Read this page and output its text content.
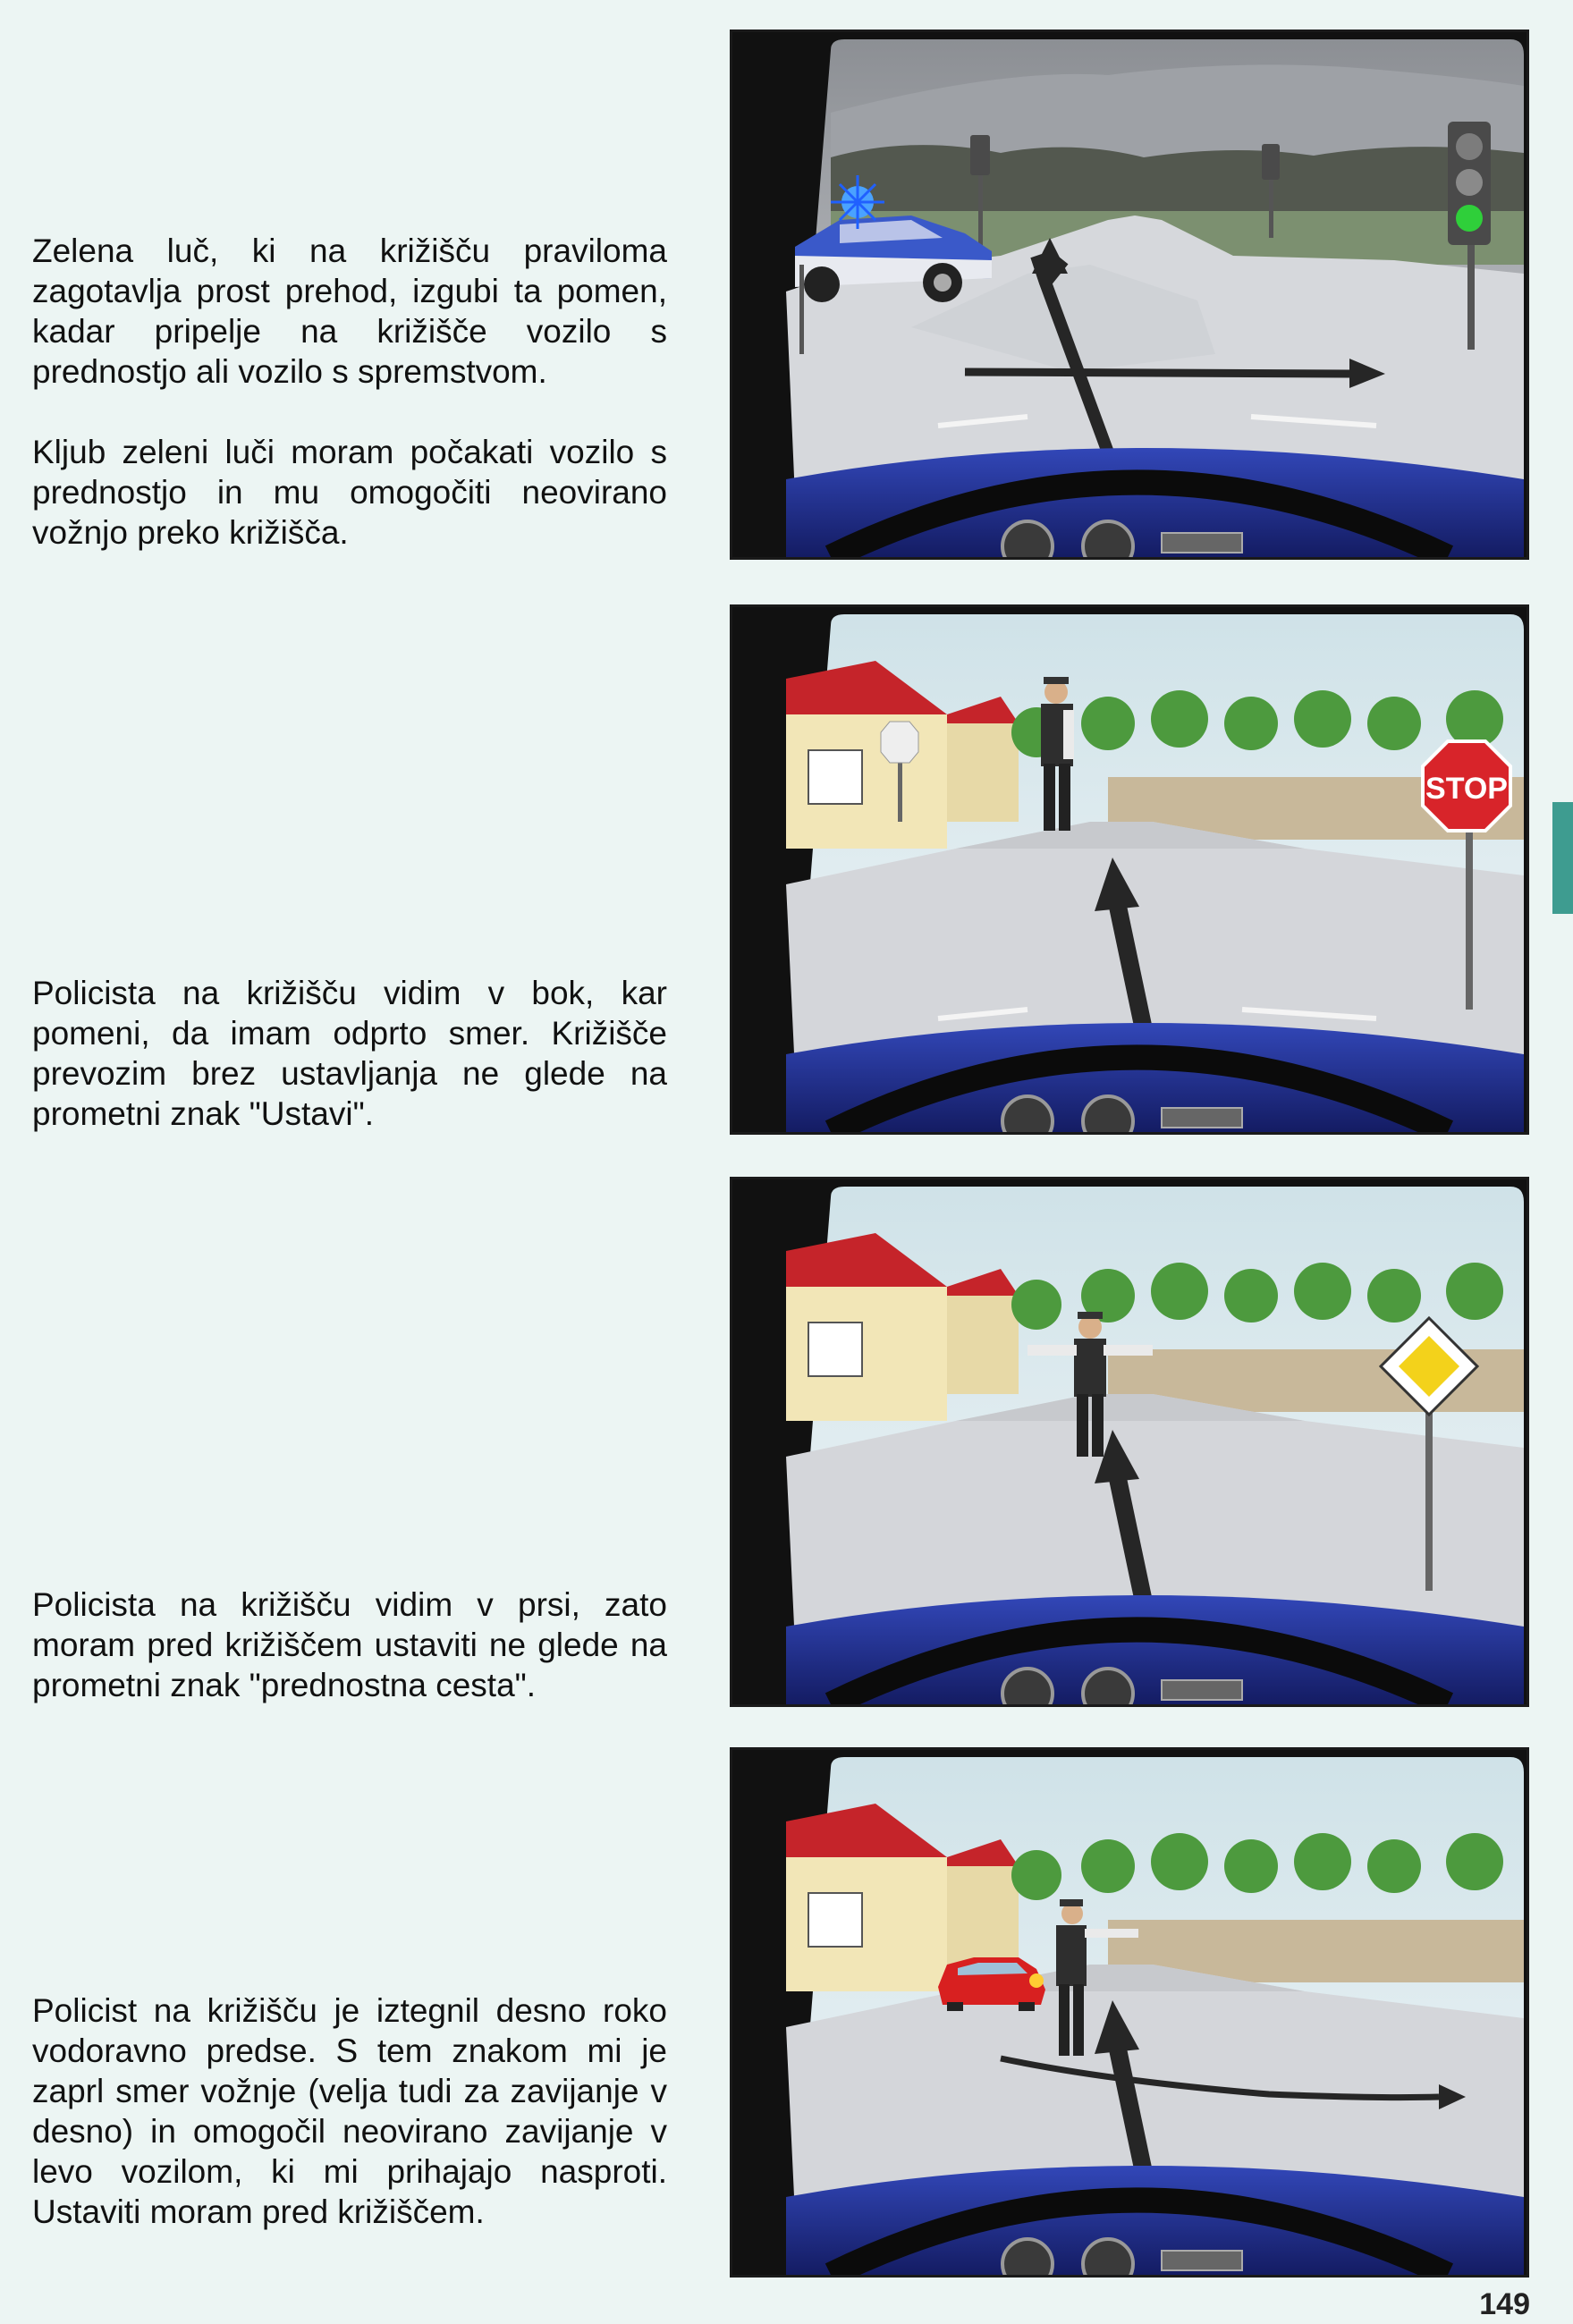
Zelena luč, ki na križišču praviloma zagotavlja prost prehod, izgubi ta pomen, kadar pripelje na križišče vozilo s prednostjo ali vozilo s spremstvom.

Kljub zeleni luči moram počakati vozilo s prednostjo in mu omogočiti neovirano vožnjo preko križišča.

Policista na križišču vidim v bok, kar pomeni, da imam odprto smer. Križišče prevozim brez ustavljanja ne glede na prometni znak "Ustavi".

STOP

Policista na križišču vidim v prsi, zato moram pred križiščem ustaviti ne glede na prometni znak "prednostna cesta".

Policist na križišču je iztegnil desno roko vodoravno predse. S tem znakom mi je zaprl smer vožnje (velja tudi za zavijanje v desno) in omogočil neovirano zavijanje v levo vozilom, ki mi prihajajo nasproti. Ustaviti moram pred križiščem.

149
